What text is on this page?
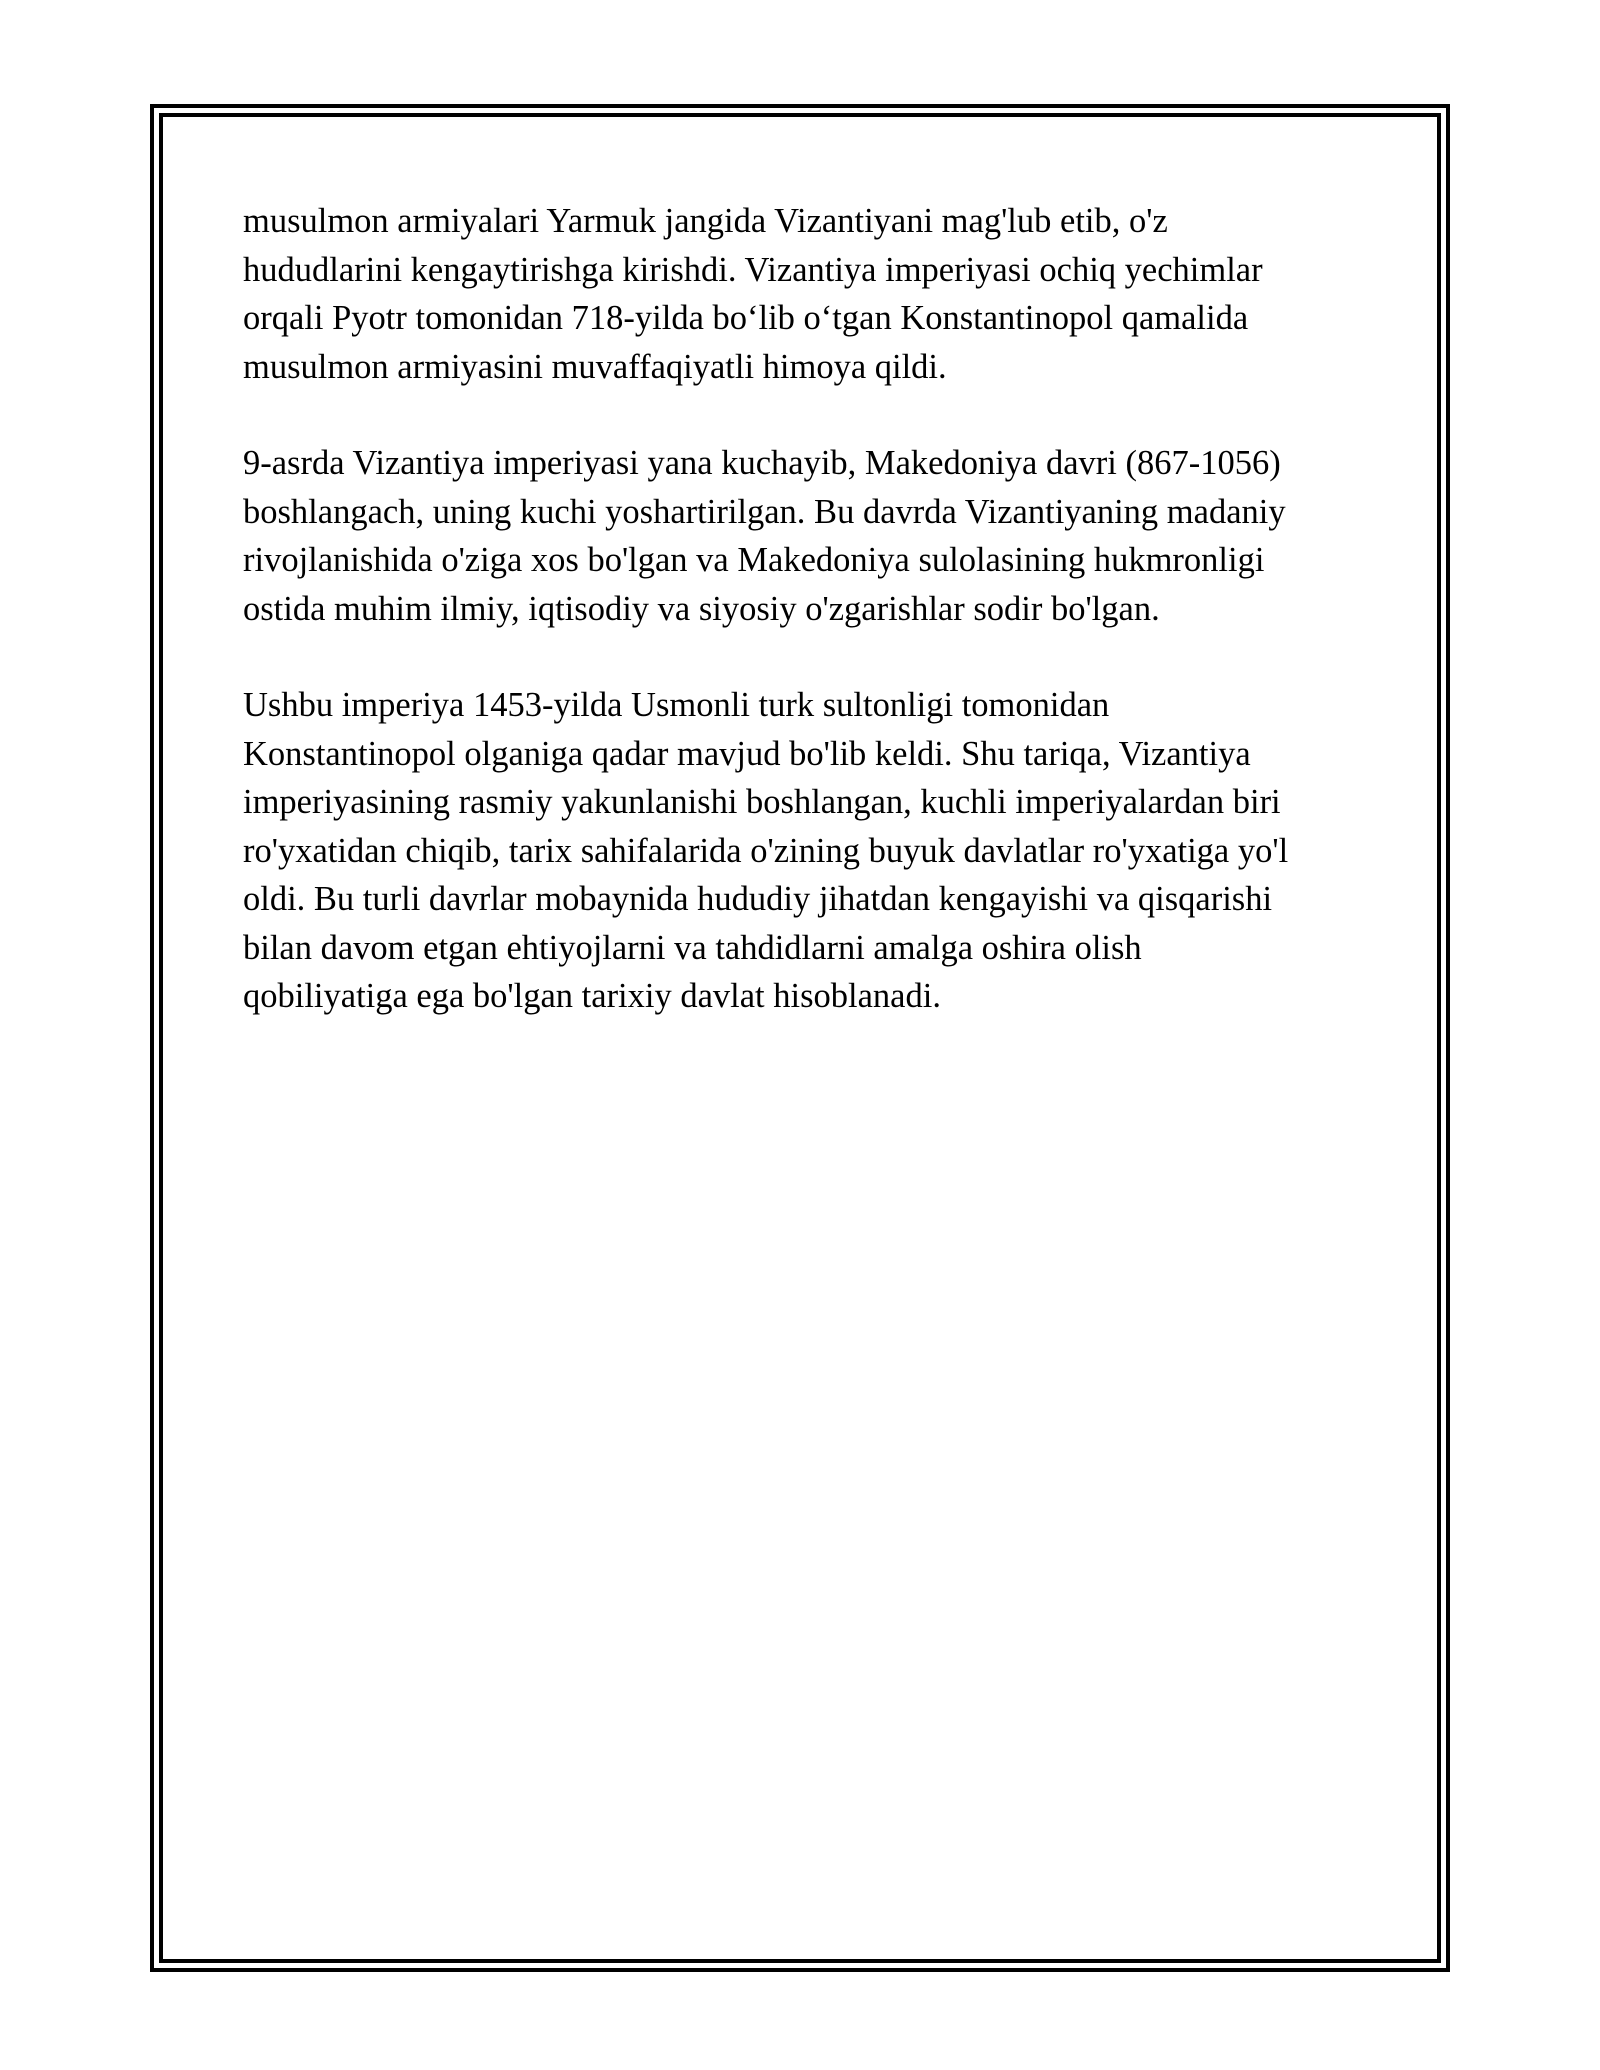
musulmon armiyalari Yarmuk jangida Vizantiyani mag'lub etib, o'z
hududlarini kengaytirishga kirishdi. Vizantiya imperiyasi ochiq yechimlar
orqali Pyotr tomonidan 718-yilda bo‘lib o‘tgan Konstantinopol qamalida
musulmon armiyasini muvaffaqiyatli himoya qildi.

9-asrda Vizantiya imperiyasi yana kuchayib, Makedoniya davri (867-1056)
boshlangach, uning kuchi yoshartirilgan. Bu davrda Vizantiyaning madaniy
rivojlanishida o'ziga xos bo'lgan va Makedoniya sulolasining hukmronligi
ostida muhim ilmiy, iqtisodiy va siyosiy o'zgarishlar sodir bo'lgan.

Ushbu imperiya 1453-yilda Usmonli turk sultonligi tomonidan
Konstantinopol olganiga qadar mavjud bo'lib keldi. Shu tariqa, Vizantiya
imperiyasining rasmiy yakunlanishi boshlangan, kuchli imperiyalardan biri
ro'yxatidan chiqib, tarix sahifalarida o'zining buyuk davlatlar ro'yxatiga yo'l
oldi. Bu turli davrlar mobaynida hududiy jihatdan kengayishi va qisqarishi
bilan davom etgan ehtiyojlarni va tahdidlarni amalga oshira olish
qobiliyatiga ega bo'lgan tarixiy davlat hisoblanadi.
